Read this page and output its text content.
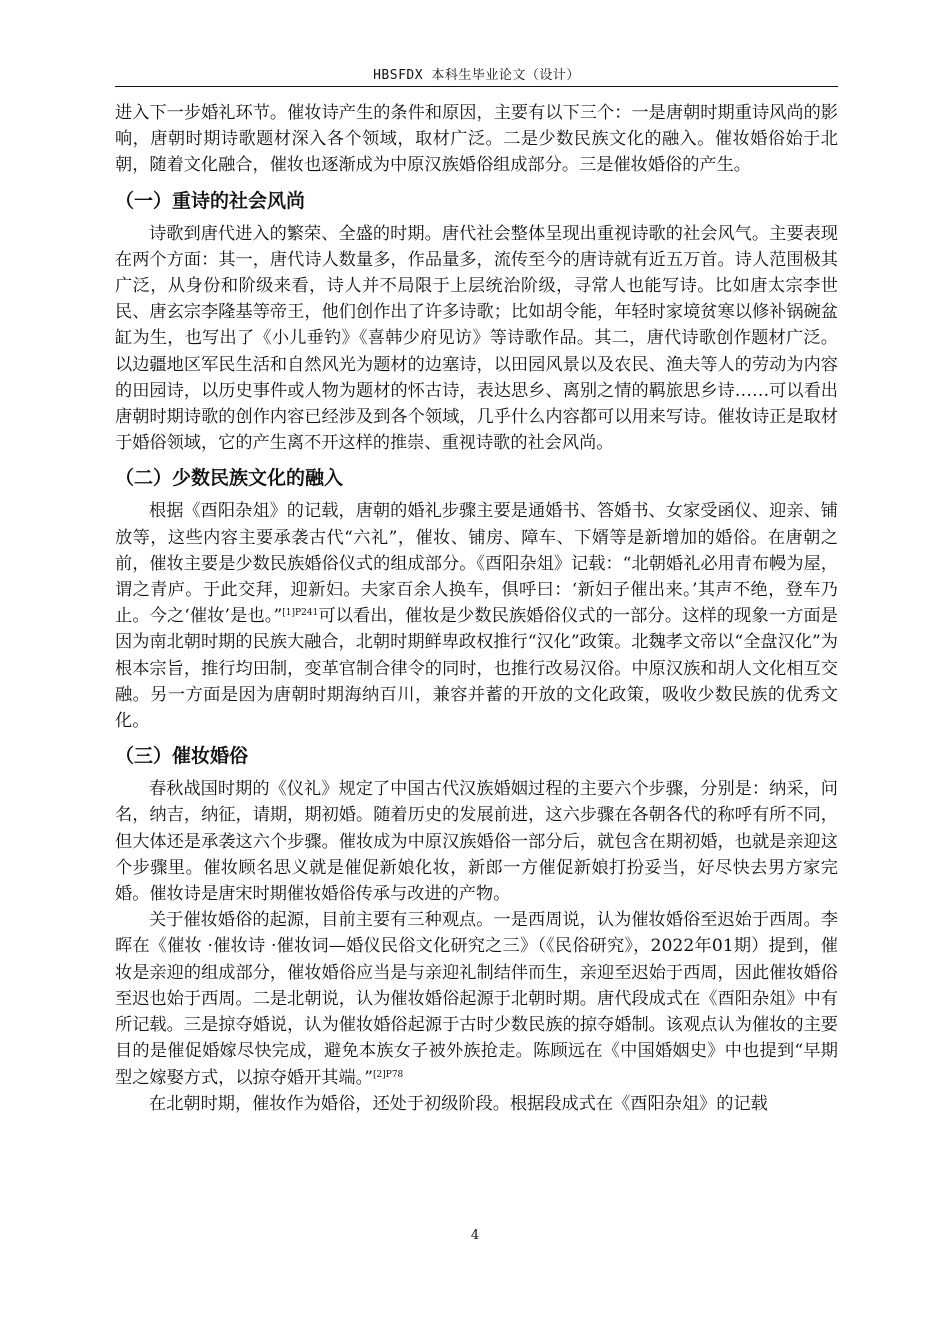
HBSFDX 本科生毕业论文（设计）

进入下一步婚礼环节。催妆诗产生的条件和原因，主要有以下三个：一是唐朝时期重诗风尚的影响，唐朝时期诗歌题材深入各个领域，取材广泛。二是少数民族文化的融入。催妆婚俗始于北朝，随着文化融合，催妆也逐渐成为中原汉族婚俗组成部分。三是催妆婚俗的产生。

（一）重诗的社会风尚

诗歌到唐代进入的繁荣、全盛的时期。唐代社会整体呈现出重视诗歌的社会风气。主要表现在两个方面：其一，唐代诗人数量多，作品量多，流传至今的唐诗就有近五万首。诗人范围极其广泛，从身份和阶级来看，诗人并不局限于上层统治阶级，寻常人也能写诗。比如唐太宗李世民、唐玄宗李隆基等帝王，他们创作出了许多诗歌；比如胡令能，年轻时家境贫寒以修补锅碗盆缸为生，也写出了《小儿垂钓》《喜韩少府见访》等诗歌作品。其二，唐代诗歌创作题材广泛。以边疆地区军民生活和自然风光为题材的边塞诗，以田园风景以及农民、渔夫等人的劳动为内容的田园诗，以历史事件或人物为题材的怀古诗，表达思乡、离别之情的羁旅思乡诗……可以看出唐朝时期诗歌的创作内容已经涉及到各个领域，几乎什么内容都可以用来写诗。催妆诗正是取材于婚俗领域，它的产生离不开这样的推崇、重视诗歌的社会风尚。

（二）少数民族文化的融入

根据《酉阳杂俎》的记载，唐朝的婚礼步骤主要是通婚书、答婚书、女家受函仪、迎亲、铺放等，这些内容主要承袭古代“六礼”，催妆、铺房、障车、下婿等是新增加的婚俗。在唐朝之前，催妆主要是少数民族婚俗仪式的组成部分。《酉阳杂俎》记载：“北朝婚礼必用青布幔为屋，谓之青庐。于此交拜，迎新妇。夫家百余人换车，俱呼曰：‘新妇子催出来。’其声不绝，登车乃止。今之‘催妆’是也。”$^{[1]P241}$可以看出，催妆是少数民族婚俗仪式的一部分。这样的现象一方面是因为南北朝时期的民族大融合，北朝时期鲜卑政权推行“汉化”政策。北魏孝文帝以“全盘汉化”为根本宗旨，推行均田制，变革官制合律令的同时，也推行改易汉俗。中原汉族和胡人文化相互交融。另一方面是因为唐朝时期海纳百川，兼容并蓄的开放的文化政策，吸收少数民族的优秀文化。

（三）催妆婚俗

春秋战国时期的《仪礼》规定了中国古代汉族婚姻过程的主要六个步骤，分别是：纳采，问名，纳吉，纳征，请期，期初婚。随着历史的发展前进，这六步骤在各朝各代的称呼有所不同，但大体还是承袭这六个步骤。催妆成为中原汉族婚俗一部分后，就包含在期初婚，也就是亲迎这个步骤里。催妆顾名思义就是催促新娘化妆，新郎一方催促新娘打扮妥当，好尽快去男方家完婚。催妆诗是唐宋时期催妆婚俗传承与改进的产物。

关于催妆婚俗的起源，目前主要有三种观点。一是西周说，认为催妆婚俗至迟始于西周。李晖在《催妆 ·催妆诗 ·催妆词—婚仪民俗文化研究之三》（《民俗研究》，2022年01期）提到，催妆是亲迎的组成部分，催妆婚俗应当是与亲迎礼制结伴而生，亲迎至迟始于西周，因此催妆婚俗至迟也始于西周。二是北朝说，认为催妆婚俗起源于北朝时期。唐代段成式在《酉阳杂俎》中有所记载。三是掠夺婚说，认为催妆婚俗起源于古时少数民族的掠夺婚制。该观点认为催妆的主要目的是催促婚嫁尽快完成，避免本族女子被外族抢走。陈顾远在《中国婚姻史》中也提到“早期型之嫁娶方式，以掠夺婚开其端。”$^{[2]P78}$

在北朝时期，催妆作为婚俗，还处于初级阶段。根据段成式在《酉阳杂俎》的记载

4
